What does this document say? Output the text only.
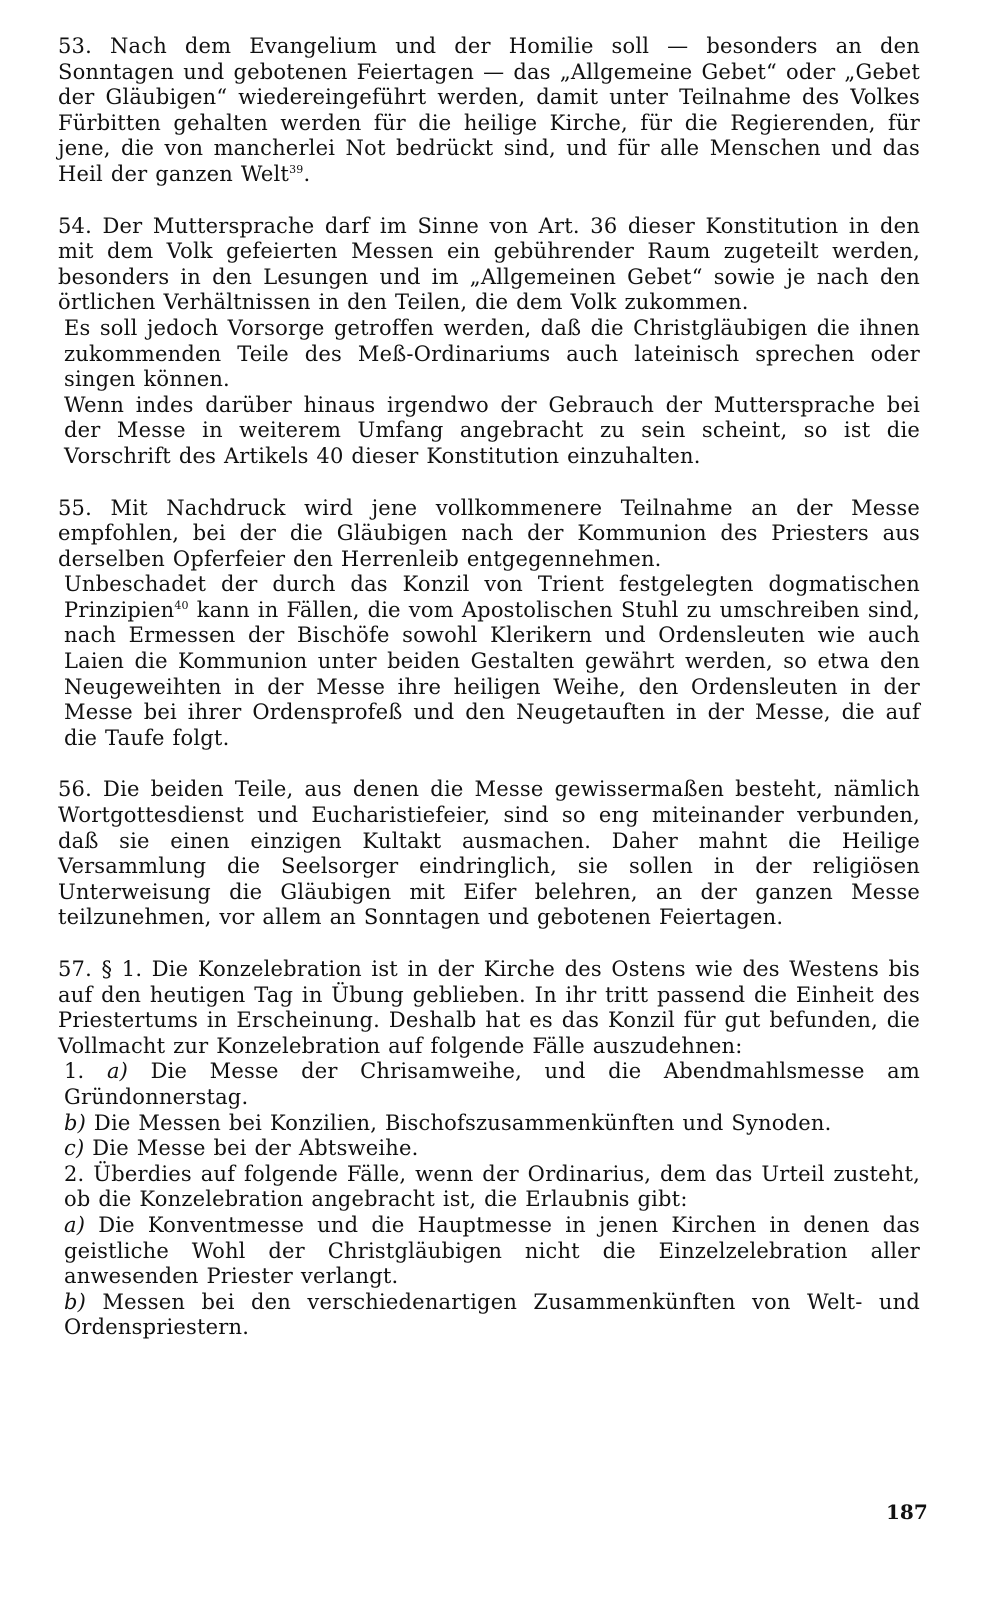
53. Nach dem Evangelium und der Homilie soll — besonders an den Sonntagen und gebotenen Feiertagen — das „Allgemeine Gebet“ oder „Gebet der Gläubigen“ wiedereingeführt werden, damit unter Teilnahme des Volkes Fürbitten gehalten werden für die heilige Kirche, für die Regierenden, für jene, die von mancherlei Not bedrückt sind, und für alle Menschen und das Heil der ganzen Welt$^{39}$.

54. Der Muttersprache darf im Sinne von Art. 36 dieser Konstitution in den mit dem Volk gefeierten Messen ein gebührender Raum zugeteilt werden, besonders in den Lesungen und im „Allgemeinen Gebet“ sowie je nach den örtlichen Verhältnissen in den Teilen, die dem Volk zukommen.

Es soll jedoch Vorsorge getroffen werden, daß die Christgläubigen die ihnen zukommenden Teile des Meß-Ordinariums auch lateinisch sprechen oder singen können.

Wenn indes darüber hinaus irgendwo der Gebrauch der Muttersprache bei der Messe in weiterem Umfang angebracht zu sein scheint, so ist die Vorschrift des Artikels 40 dieser Konstitution einzuhalten.

55. Mit Nachdruck wird jene vollkommenere Teilnahme an der Messe empfohlen, bei der die Gläubigen nach der Kommunion des Priesters aus derselben Opferfeier den Herrenleib entgegennehmen.

Unbeschadet der durch das Konzil von Trient festgelegten dogmatischen Prinzipien$^{40}$ kann in Fällen, die vom Apostolischen Stuhl zu umschreiben sind, nach Ermessen der Bischöfe sowohl Klerikern und Ordensleuten wie auch Laien die Kommunion unter beiden Gestalten gewährt werden, so etwa den Neugeweihten in der Messe ihre heiligen Weihe, den Ordensleuten in der Messe bei ihrer Ordensprofeß und den Neugetauften in der Messe, die auf die Taufe folgt.

56. Die beiden Teile, aus denen die Messe gewissermaßen besteht, nämlich Wortgottesdienst und Eucharistiefeier, sind so eng miteinander verbunden, daß sie einen einzigen Kultakt ausmachen. Daher mahnt die Heilige Versammlung die Seelsorger eindringlich, sie sollen in der religiösen Unterweisung die Gläubigen mit Eifer belehren, an der ganzen Messe teilzunehmen, vor allem an Sonntagen und gebotenen Feiertagen.

57. § 1. Die Konzelebration ist in der Kirche des Ostens wie des Westens bis auf den heutigen Tag in Übung geblieben. In ihr tritt passend die Einheit des Priestertums in Erscheinung. Deshalb hat es das Konzil für gut befunden, die Vollmacht zur Konzelebration auf folgende Fälle auszudehnen:

1. a) Die Messe der Chrisamweihe, und die Abendmahlsmesse am Gründonnerstag.

b) Die Messen bei Konzilien, Bischofszusammenkünften und Synoden.

c) Die Messe bei der Abtsweihe.

2. Überdies auf folgende Fälle, wenn der Ordinarius, dem das Urteil zusteht, ob die Konzelebration angebracht ist, die Erlaubnis gibt:

a) Die Konventmesse und die Hauptmesse in jenen Kirchen in denen das geistliche Wohl der Christgläubigen nicht die Einzelzelebration aller anwesenden Priester verlangt.

b) Messen bei den verschiedenartigen Zusammenkünften von Welt- und Ordenspriestern.

187
